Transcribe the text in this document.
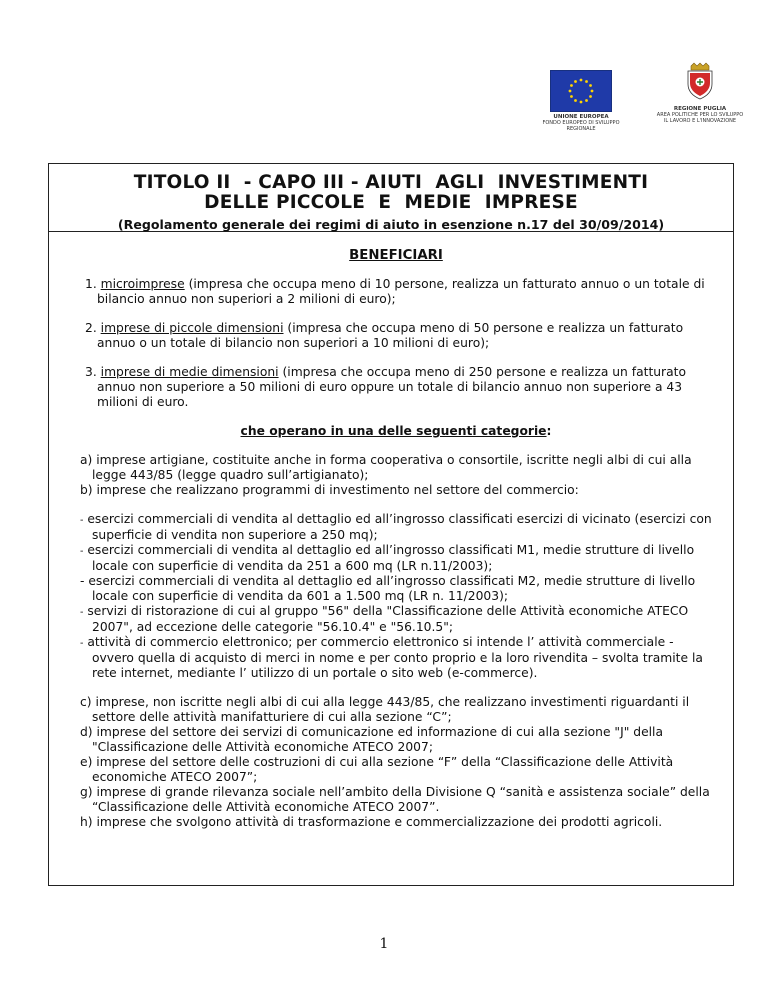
UNIONE EUROPEA
FONDO EUROPEO DI SVILUPPO
REGIONALE
REGIONE PUGLIA
AREA POLITICHE PER LO SVILUPPO
IL LAVORO E L'INNOVAZIONE
TITOLO II  - CAPO III - AIUTI  AGLI  INVESTIMENTI
DELLE PICCOLE  E  MEDIE  IMPRESE
(Regolamento generale dei regimi di aiuto in esenzione n.17 del 30/09/2014)
BENEFICIARI
1. microimprese (impresa che occupa meno di 10 persone, realizza un fatturato annuo o un totale di bilancio annuo non superiori a 2 milioni di euro);
2. imprese di piccole dimensioni (impresa che occupa meno di 50 persone e realizza un fatturato annuo o un totale di bilancio non superiori a 10 milioni di euro);
3. imprese di medie dimensioni (impresa che occupa meno di 250 persone e realizza un fatturato annuo non superiore a 50 milioni di euro oppure un totale di bilancio annuo non superiore a 43 milioni di euro.
che operano in una delle seguenti categorie:
a) imprese artigiane, costituite anche in forma cooperativa o consortile, iscritte negli albi di cui alla legge 443/85 (legge quadro sull’artigianato);
b) imprese che realizzano programmi di investimento nel settore del commercio:
- esercizi commerciali di vendita al dettaglio ed all’ingrosso classificati esercizi di vicinato (esercizi con superficie di vendita non superiore a 250 mq);
- esercizi commerciali di vendita al dettaglio ed all’ingrosso classificati M1, medie strutture di livello locale con superficie di vendita da 251 a 600 mq (LR n.11/2003);
- esercizi commerciali di vendita al dettaglio ed all’ingrosso classificati M2, medie strutture di livello locale con superficie di vendita da 601 a 1.500 mq (LR n. 11/2003);
- servizi di ristorazione di cui al gruppo "56" della "Classificazione delle Attività economiche ATECO 2007", ad eccezione delle categorie "56.10.4" e "56.10.5";
- attività di commercio elettronico; per commercio elettronico si intende l’ attività commerciale - ovvero quella di acquisto di merci in nome e per conto proprio e la loro rivendita – svolta tramite la rete internet, mediante l’ utilizzo di un portale o sito web (e-commerce).
c) imprese, non iscritte negli albi di cui alla legge 443/85, che realizzano investimenti riguardanti il settore delle attività manifatturiere di cui alla sezione “C”;
d) imprese del settore dei servizi di comunicazione ed informazione di cui alla sezione "J" della "Classificazione delle Attività economiche ATECO 2007;
e) imprese del settore delle costruzioni di cui alla sezione “F” della “Classificazione delle Attività economiche ATECO 2007”;
g) imprese di grande rilevanza sociale nell’ambito della Divisione Q “sanità e assistenza sociale” della “Classificazione delle Attività economiche ATECO 2007”.
h) imprese che svolgono attività di trasformazione e commercializzazione dei prodotti agricoli.
1
